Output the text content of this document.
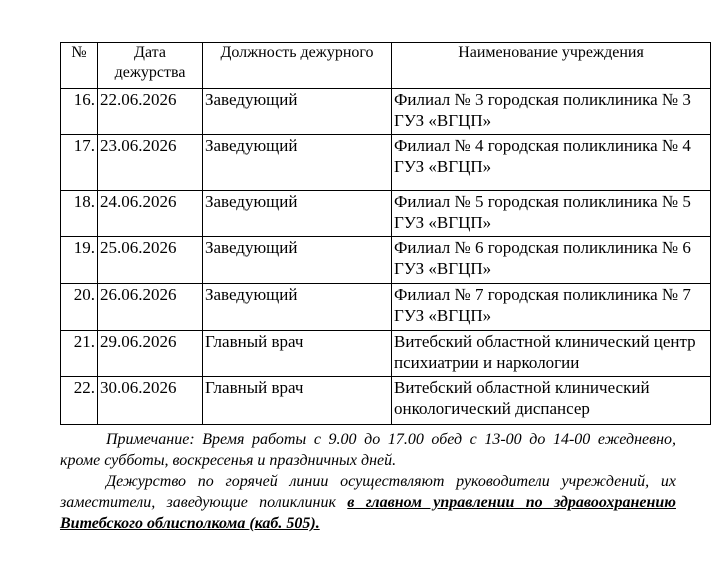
№	Дата дежурства	Должность дежурного	Наименование учреждения
16.	22.06.2026	Заведующий	Филиал № 3 городская поликлиника № 3 ГУЗ «ВГЦП»
17.	23.06.2026	Заведующий	Филиал № 4 городская поликлиника № 4 ГУЗ «ВГЦП»
18.	24.06.2026	Заведующий	Филиал № 5 городская поликлиника № 5 ГУЗ «ВГЦП»
19.	25.06.2026	Заведующий	Филиал № 6 городская поликлиника № 6 ГУЗ «ВГЦП»
20.	26.06.2026	Заведующий	Филиал № 7 городская поликлиника № 7 ГУЗ «ВГЦП»
21.	29.06.2026	Главный врач	Витебский областной клинический центр психиатрии и наркологии
22.	30.06.2026	Главный врач	Витебский областной клинический онкологический диспансер

Примечание: Время работы с 9.00 до 17.00 обед с 13-00 до 14-00 ежедневно, кроме субботы, воскресенья и праздничных дней.

Дежурство по горячей линии осуществляют руководители учреждений, их заместители, заведующие поликлиник в главном управлении по здравоохранению Витебского облисполкома (каб. 505).
